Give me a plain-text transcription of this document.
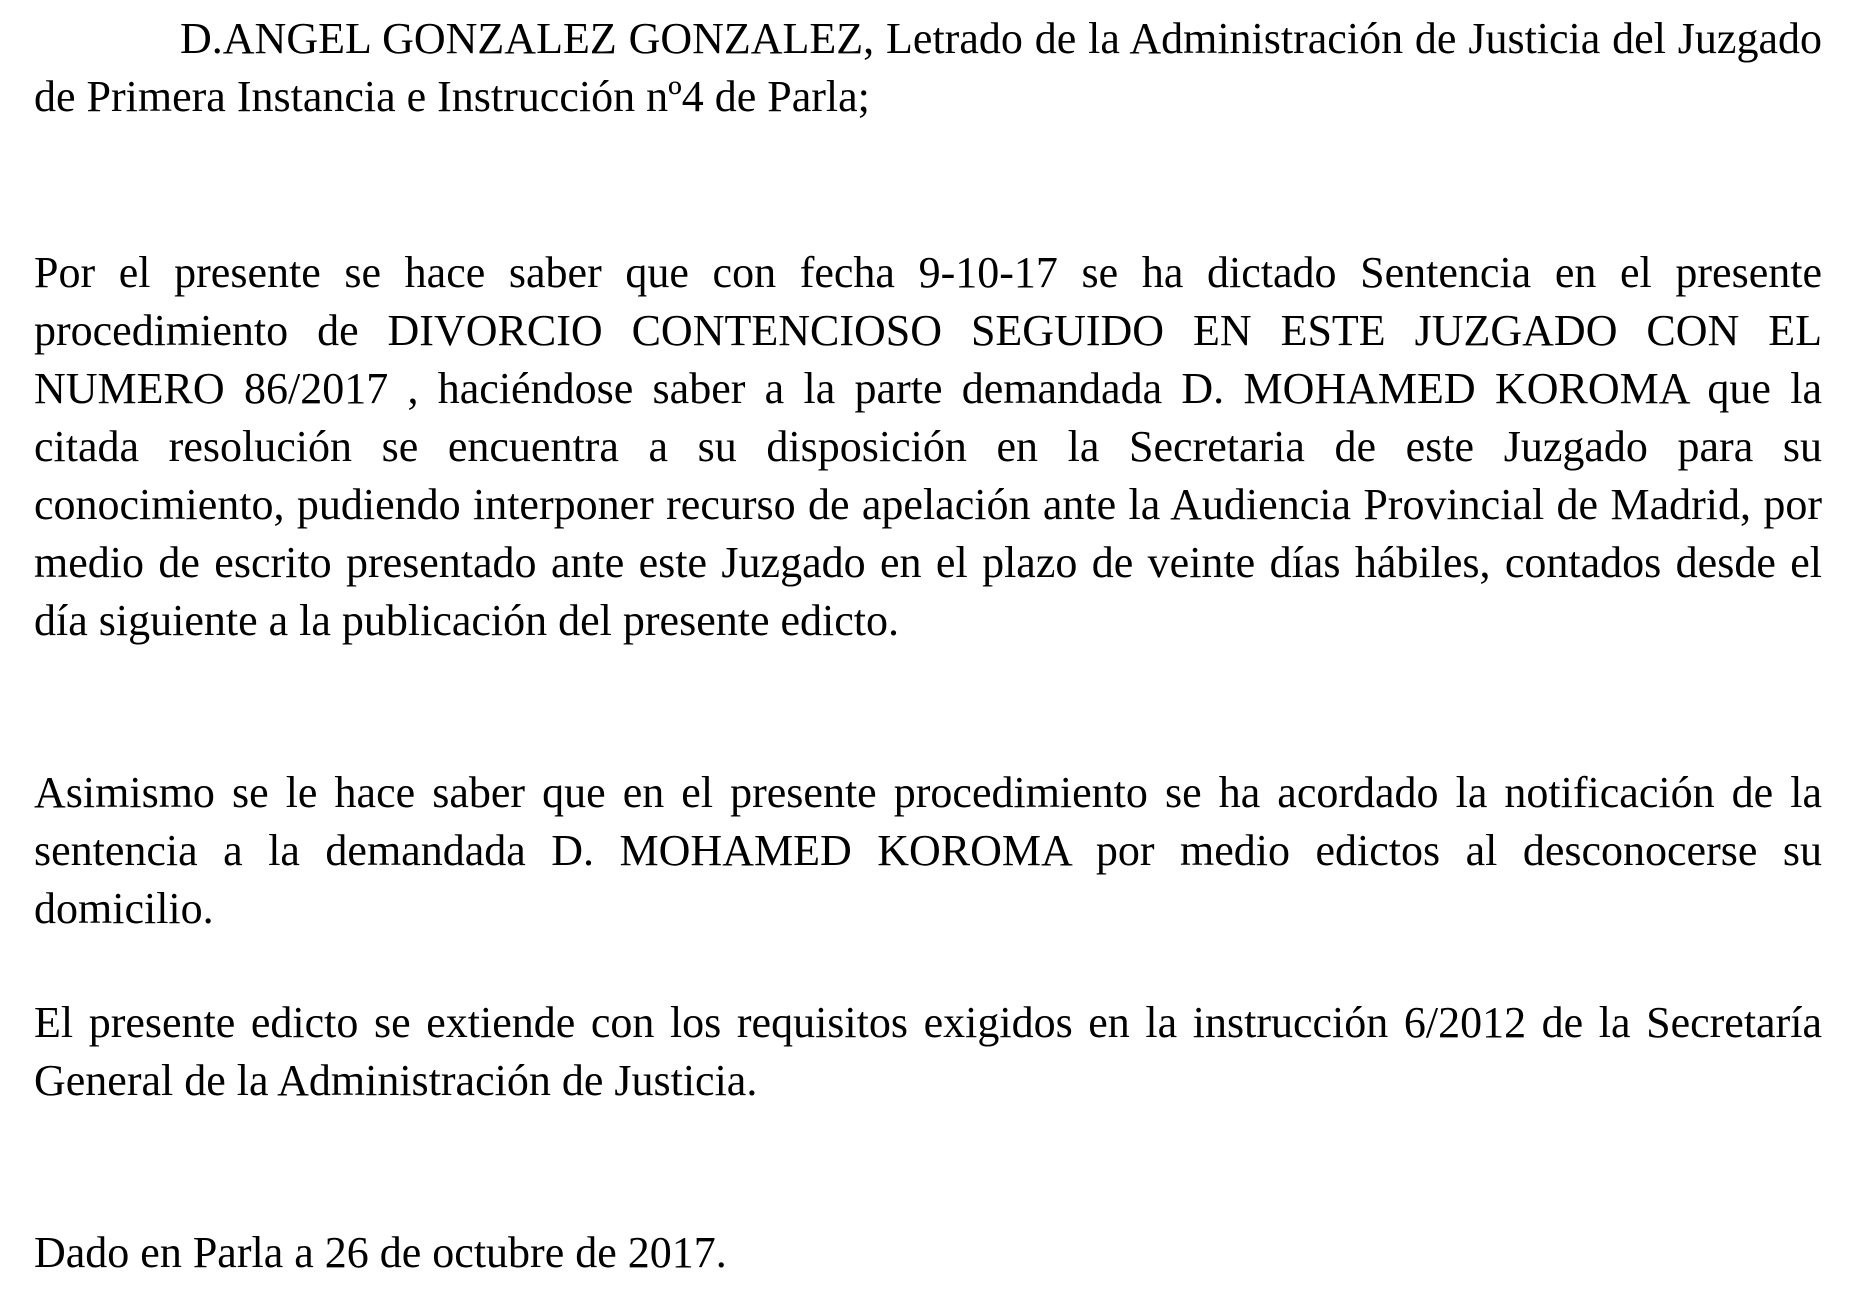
D.ANGEL GONZALEZ GONZALEZ, Letrado de la Administración de Justicia del Juzgado de Primera Instancia e Instrucción nº4 de Parla;

Por el presente se hace saber que con fecha 9-10-17 se ha dictado Sentencia en el presente procedimiento de DIVORCIO CONTENCIOSO SEGUIDO EN ESTE JUZGADO CON EL NUMERO 86/2017 , haciéndose saber a la parte demandada D. MOHAMED KOROMA que la citada resolución se encuentra a su disposición en la Secretaria de este Juzgado para su conocimiento, pudiendo interponer recurso de apelación ante la Audiencia Provincial de Madrid, por medio de escrito presentado ante este Juzgado en el plazo de veinte días hábiles, contados desde el día siguiente a la publicación del presente edicto.

Asimismo se le hace saber que en el presente procedimiento se ha acordado la notificación de la sentencia a la demandada D. MOHAMED KOROMA por medio edictos al desconocerse su domicilio.

El presente edicto se extiende con los requisitos exigidos en la instrucción 6/2012 de la Secretaría General de la Administración de Justicia.

Dado en Parla a 26 de octubre de 2017.
